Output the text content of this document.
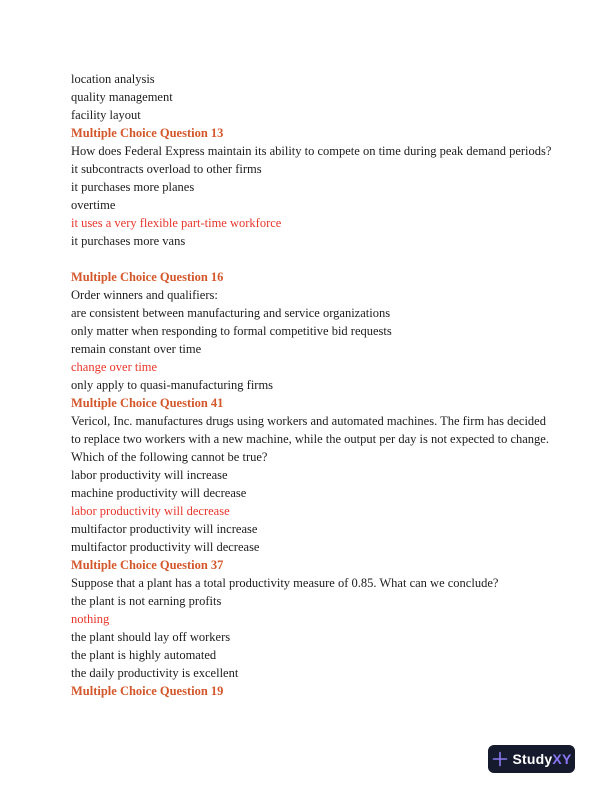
location analysis
quality management
facility layout
Multiple Choice Question 13
How does Federal Express maintain its ability to compete on time during peak demand periods?
it subcontracts overload to other firms
it purchases more planes
overtime
it uses a very flexible part-time workforce
it purchases more vans
Multiple Choice Question 16
Order winners and qualifiers:
are consistent between manufacturing and service organizations
only matter when responding to formal competitive bid requests
remain constant over time
change over time
only apply to quasi-manufacturing firms
Multiple Choice Question 41
Vericol, Inc. manufactures drugs using workers and automated machines. The firm has decided
to replace two workers with a new machine, while the output per day is not expected to change.
Which of the following cannot be true?
labor productivity will increase
machine productivity will decrease
labor productivity will decrease
multifactor productivity will increase
multifactor productivity will decrease
Multiple Choice Question 37
Suppose that a plant has a total productivity measure of 0.85. What can we conclude?
the plant is not earning profits
nothing
the plant should lay off workers
the plant is highly automated
the daily productivity is excellent
Multiple Choice Question 19
StudyXY
